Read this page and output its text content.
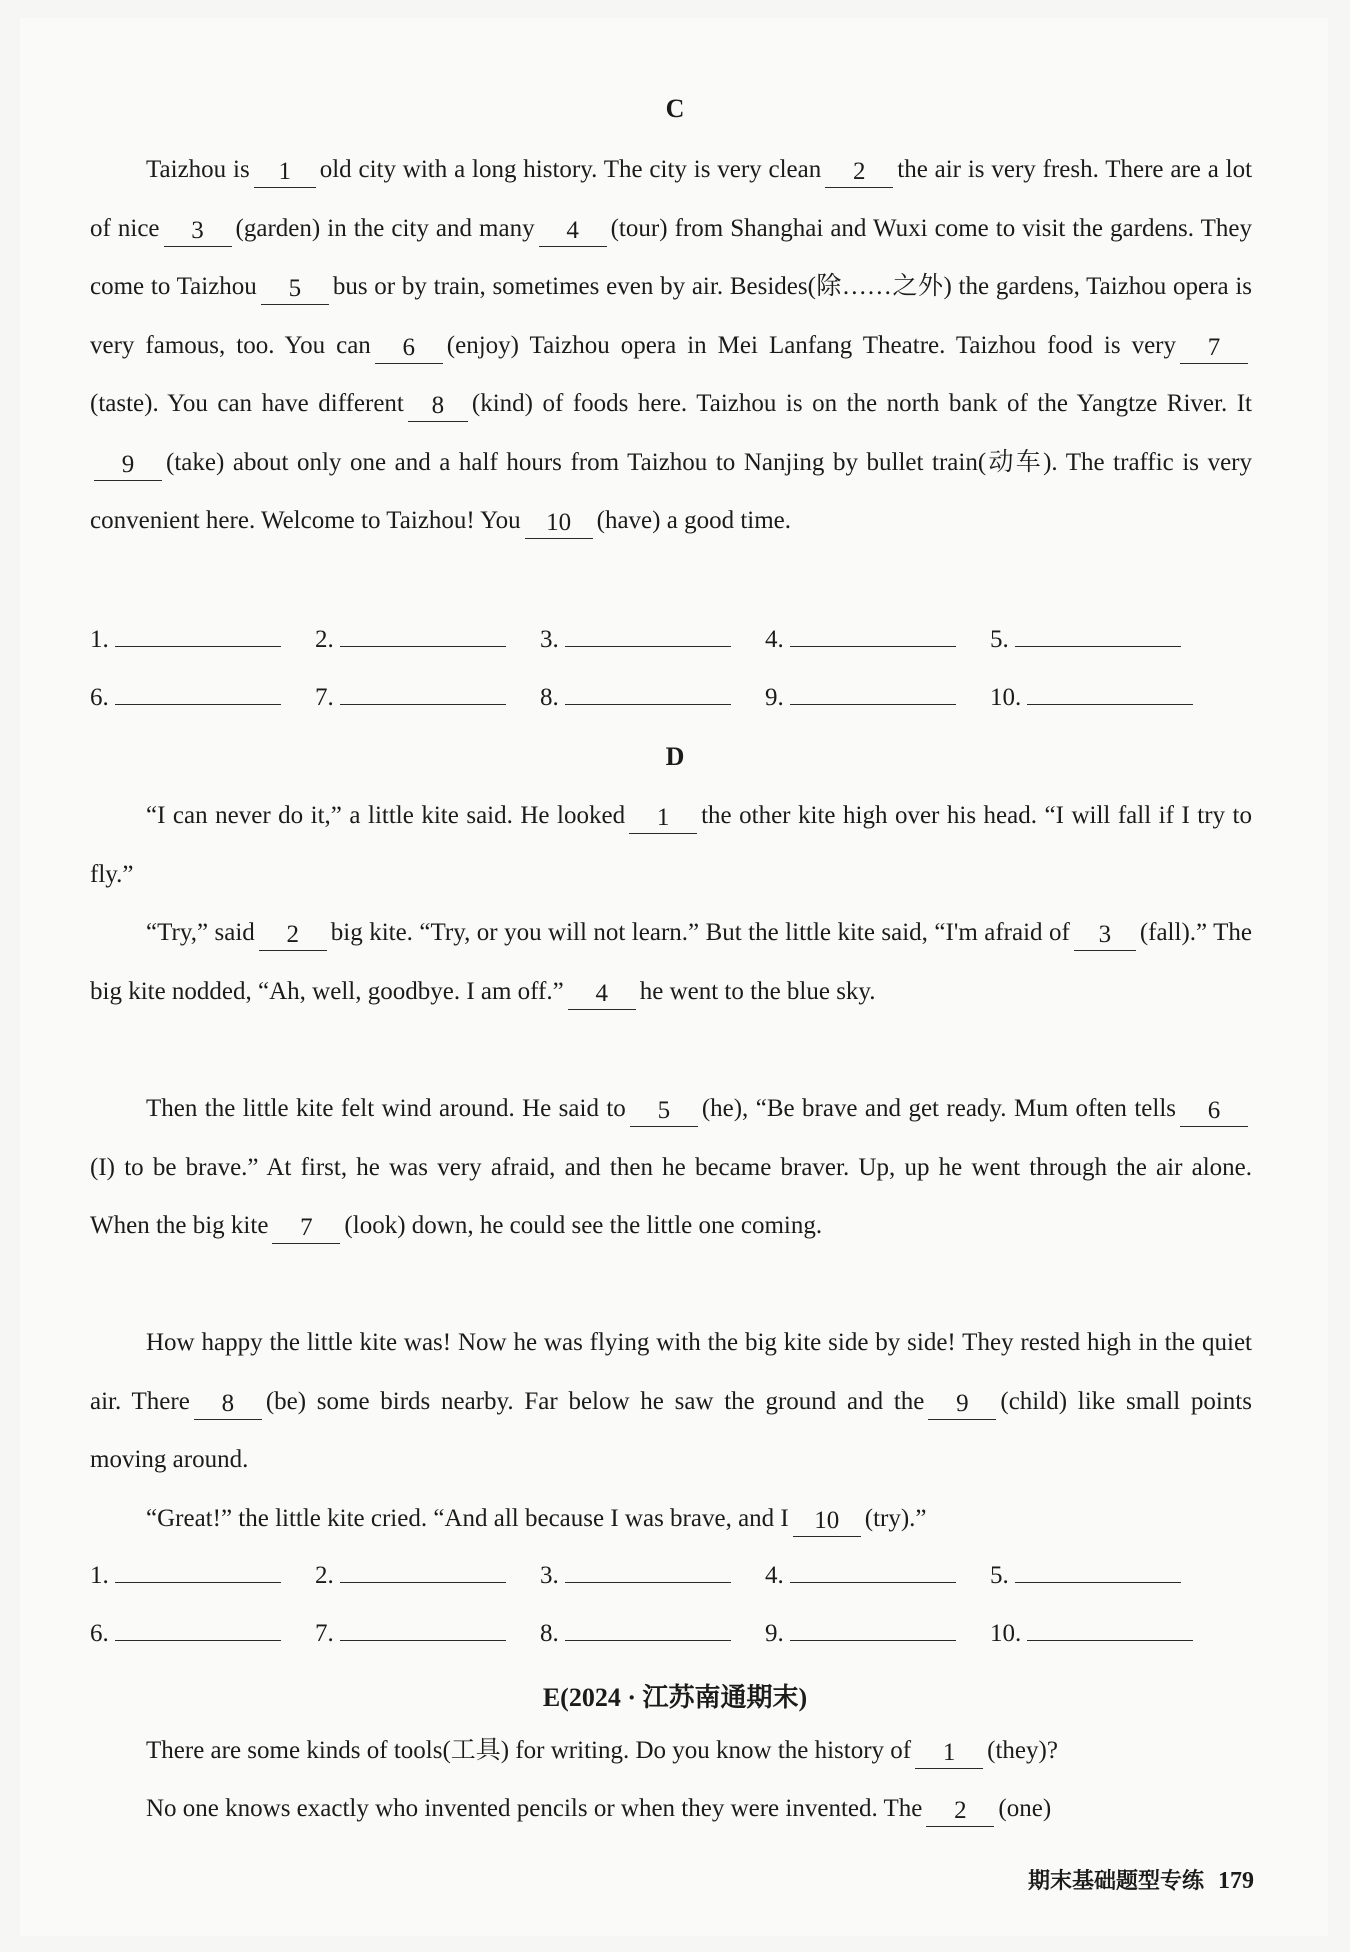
C
Taizhou is 1 old city with a long history. The city is very clean 2 the air is very fresh. There are a lot of nice 3 (garden) in the city and many 4 (tour) from Shanghai and Wuxi come to visit the gardens. They come to Taizhou 5 bus or by train, sometimes even by air. Besides(除……之外) the gardens, Taizhou opera is very famous, too. You can 6 (enjoy) Taizhou opera in Mei Lanfang Theatre. Taizhou food is very 7(taste). You can have different 8 (kind) of foods here. Taizhou is on the north bank of the Yangtze River. It9 (take) about only one and a half hours from Taizhou to Nanjing by bullet train(动车). The traffic is very convenient here. Welcome to Taizhou! You 10 (have) a good time.
1.	2.	3.	4.	5.
6.	7.	8.	9.	10.
D
“I can never do it,” a little kite said. He looked 1 the other kite high over his head. “I will fall if I try to fly.”
“Try,” said 2 big kite. “Try, or you will not learn.” But the little kite said, “I'm afraid of 3 (fall).” The big kite nodded, “Ah, well, goodbye. I am off.” 4 he went to the blue sky.
Then the little kite felt wind around. He said to 5 (he), “Be brave and get ready. Mum often tells 6(I) to be brave.” At first, he was very afraid, and then he became braver. Up, up he went through the air alone. When the big kite 7 (look) down, he could see the little one coming.
How happy the little kite was! Now he was flying with the big kite side by side! They rested high in the quiet air. There 8 (be) some birds nearby. Far below he saw the ground and the 9 (child) like small points moving around.
“Great!” the little kite cried. “And all because I was brave, and I 10 (try).”
1.	2.	3.	4.	5.
6.	7.	8.	9.	10.
E(2024 · 江苏南通期末)
There are some kinds of tools(工具) for writing. Do you know the history of 1 (they)?
No one knows exactly who invented pencils or when they were invented. The 2 (one)
期末基础题型专练 179
